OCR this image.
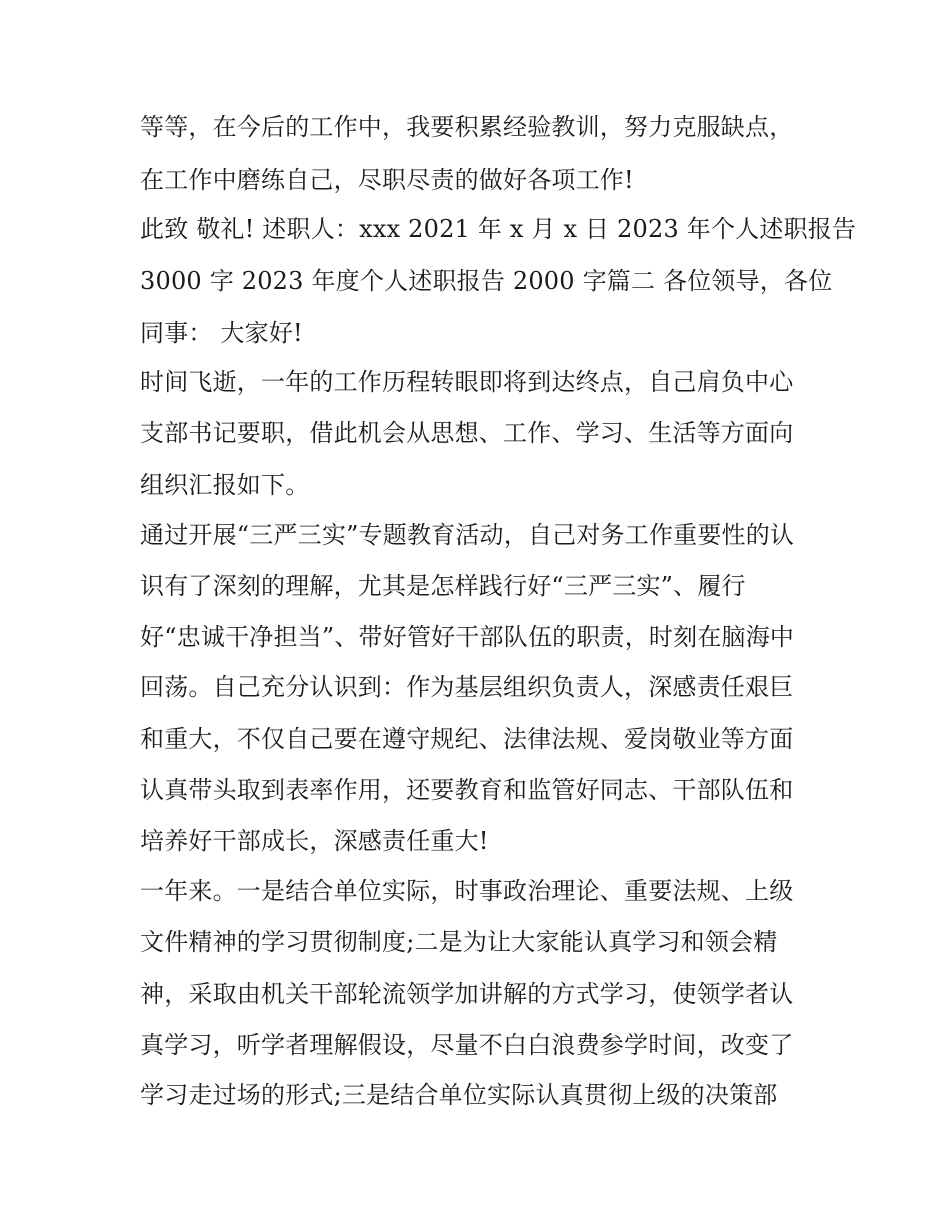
等等，在今后的工作中，我要积累经验教训，努力克服缺点，
在工作中磨练自己，尽职尽责的做好各项工作!
此致 敬礼! 述职人：xxx 2021 年 x 月 x 日 2023 年个人述职报告
3000 字 2023 年度个人述职报告 2000 字篇二 各位领导，各位
同事： 大家好!
时间飞逝，一年的工作历程转眼即将到达终点，自己肩负中心
支部书记要职，借此机会从思想、工作、学习、生活等方面向
组织汇报如下。
通过开展“三严三实”专题教育活动，自己对务工作重要性的认
识有了深刻的理解，尤其是怎样践行好“三严三实”、履行
好“忠诚干净担当”、带好管好干部队伍的职责，时刻在脑海中
回荡。自己充分认识到：作为基层组织负责人，深感责任艰巨
和重大，不仅自己要在遵守规纪、法律法规、爱岗敬业等方面
认真带头取到表率作用，还要教育和监管好同志、干部队伍和
培养好干部成长，深感责任重大!
一年来。一是结合单位实际，时事政治理论、重要法规、上级
文件精神的学习贯彻制度;二是为让大家能认真学习和领会精
神，采取由机关干部轮流领学加讲解的方式学习，使领学者认
真学习，听学者理解假设，尽量不白白浪费参学时间，改变了
学习走过场的形式;三是结合单位实际认真贯彻上级的决策部
